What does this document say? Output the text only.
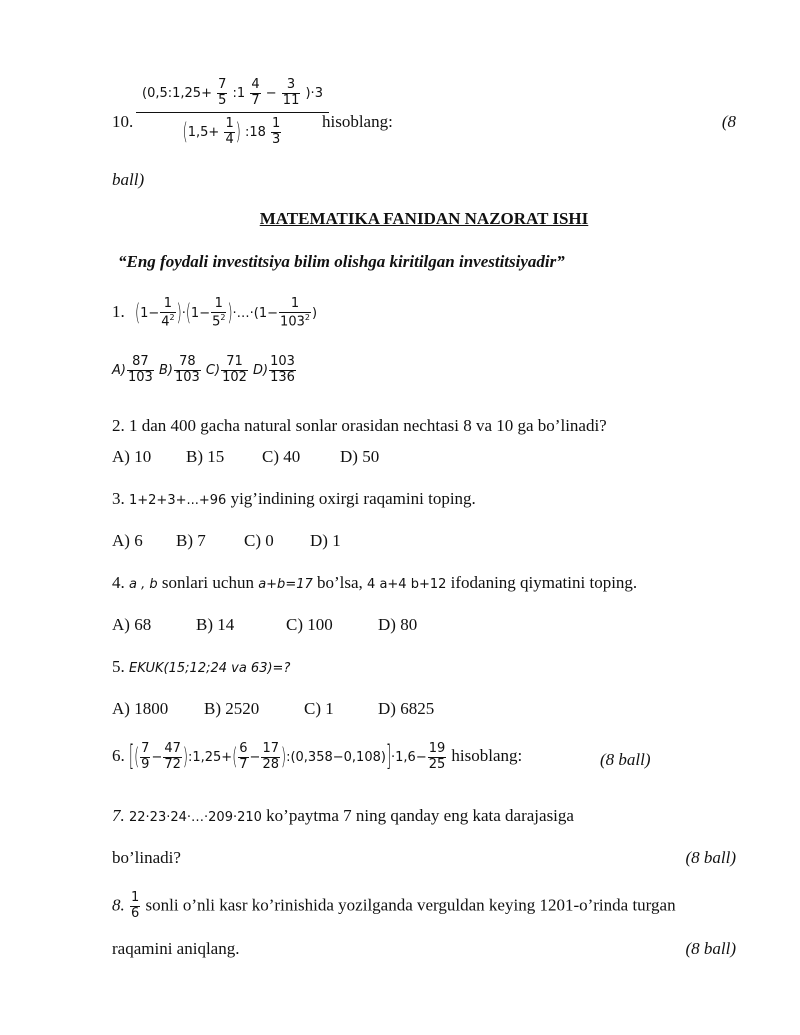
10.
(0,5:1,25+ $\frac{7}{5}$ :1 $\frac{4}{7} - \frac{3}{11} )\cdot 3$
($1,5+ \frac{1}{4}$ ) :18 $\frac{1}{3}$ hisoblang:	(8
ball)
MATEMATIKA FANIDAN NAZORAT ISHI
“Eng foydali investitsiya bilim olishga kiritilgan investitsiyadir”
1. $(1- \frac{1}{4^2} )\cdot(1- \frac{1}{5^2}$ )·…·(1− $\frac{1}{103^2}$ )
$A) \frac{87}{103} B) \frac{78}{103} C) \frac{71}{102} D) \frac{103}{136}$
2. 1 dan 400 gacha natural sonlar orasidan nechtasi 8 va 10 ga bo’linadi?
A) 10 B) 15 C) 40 D) 50
3. 1+2+3+...+96 yig’indining oxirgi raqamini toping.
A) 6 B) 7 C) 0 D) 1
4. a , b sonlari uchun a+b=17 bo’lsa, 4 a+4 b+12 ifodaning qiymatini toping.
A) 68	B) 14	C) 100	D) 80
5. EKUK(15;12;24 va 63)=?
A) 1800 B) 2520	C) 1	D) 6825
6. [( $\frac{7}{9} - \frac{47}{72}$ ):1,25+( $\frac{6}{7} - \frac{17}{28}$ ):(0,358−0,108)]·1,6− $\frac{19}{25}$ hisoblang:	(8 ball)
7. 22·23·24·…·209·210 ko’paytma 7 ning qanday eng kata darajasiga
bo’linadi?	(8 ball)
8. $\frac{1}{6}$ sonli o’nli kasr ko’rinishida yozilganda verguldan keying 1201-o’rinda turgan
raqamini aniqlang.	(8 ball)
